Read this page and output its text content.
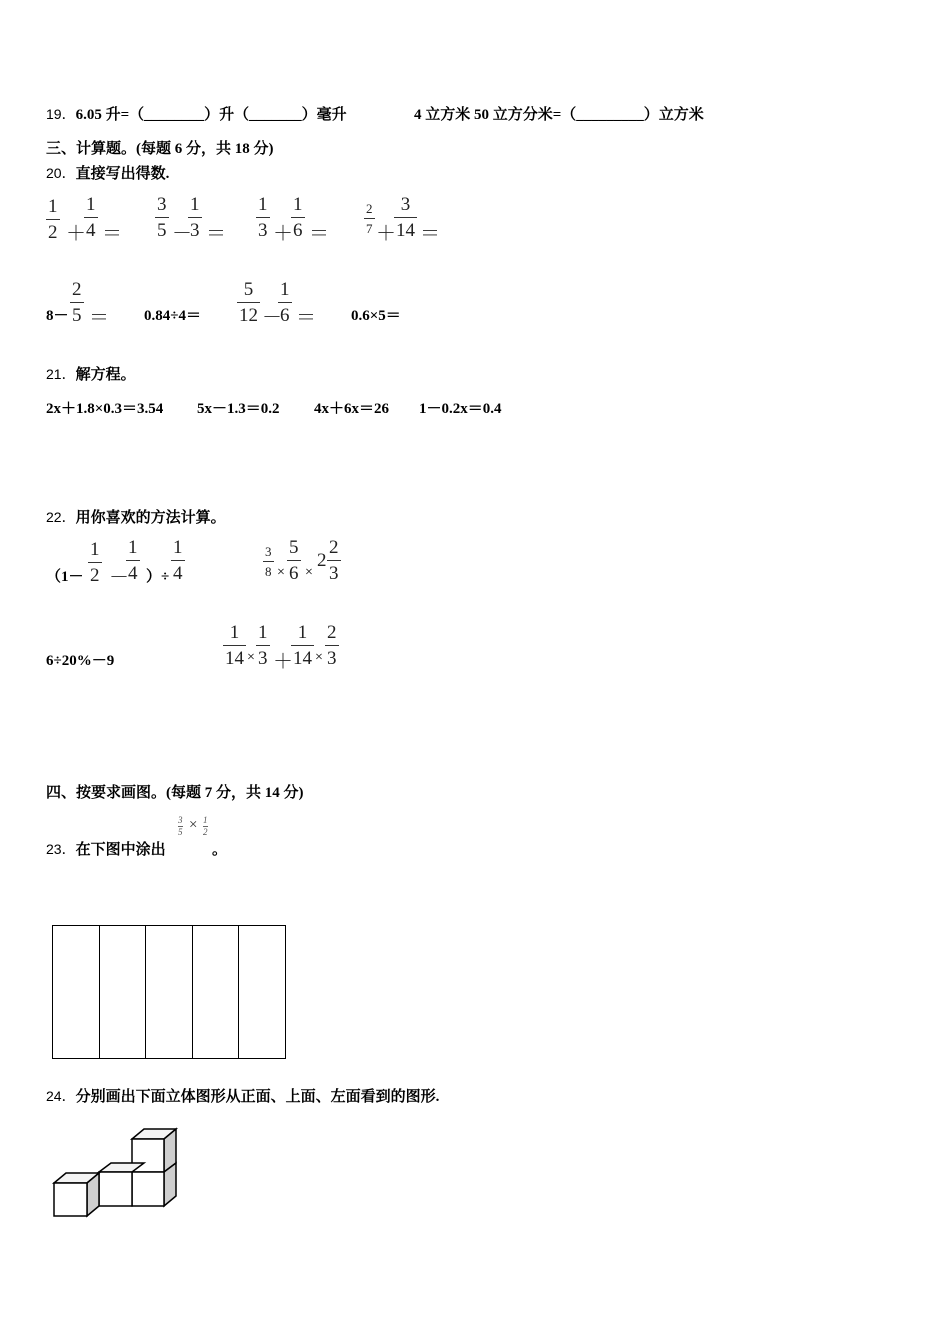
19．6.05 升=（________）升（_______）毫升	4 立方米 50 立方分米=（_________）立方米
三、计算题。(每题 6 分，共 18 分)
20．直接写出得数.
1
2 ＋
1
4 ＝
3
5 －
1
3 ＝
1
3 ＋
1
6 ＝
2
7 ＋
3
14 ＝
8－
2
5 ＝ 0.84÷4＝
5
12 －
1
6 ＝ 0.6×5＝
21．解方程。
2x＋1.8×0.3＝3.54 5x－1.3＝0.2 4x＋6x＝26 1－0.2x＝0.4
22．用你喜欢的方法计算。
（1－
1
2 －
1
4 ）÷
1
4
3
8 ×
5
6 ×
2
2
3
6÷20%－9
1
14 ×
1
3 ＋
1
14 ×
2
3
四、按要求画图。(每题 7 分，共 14 分)
23．在下图中涂出
3
5 × 1
2
。
24．分别画出下面立体图形从正面、上面、左面看到的图形.
